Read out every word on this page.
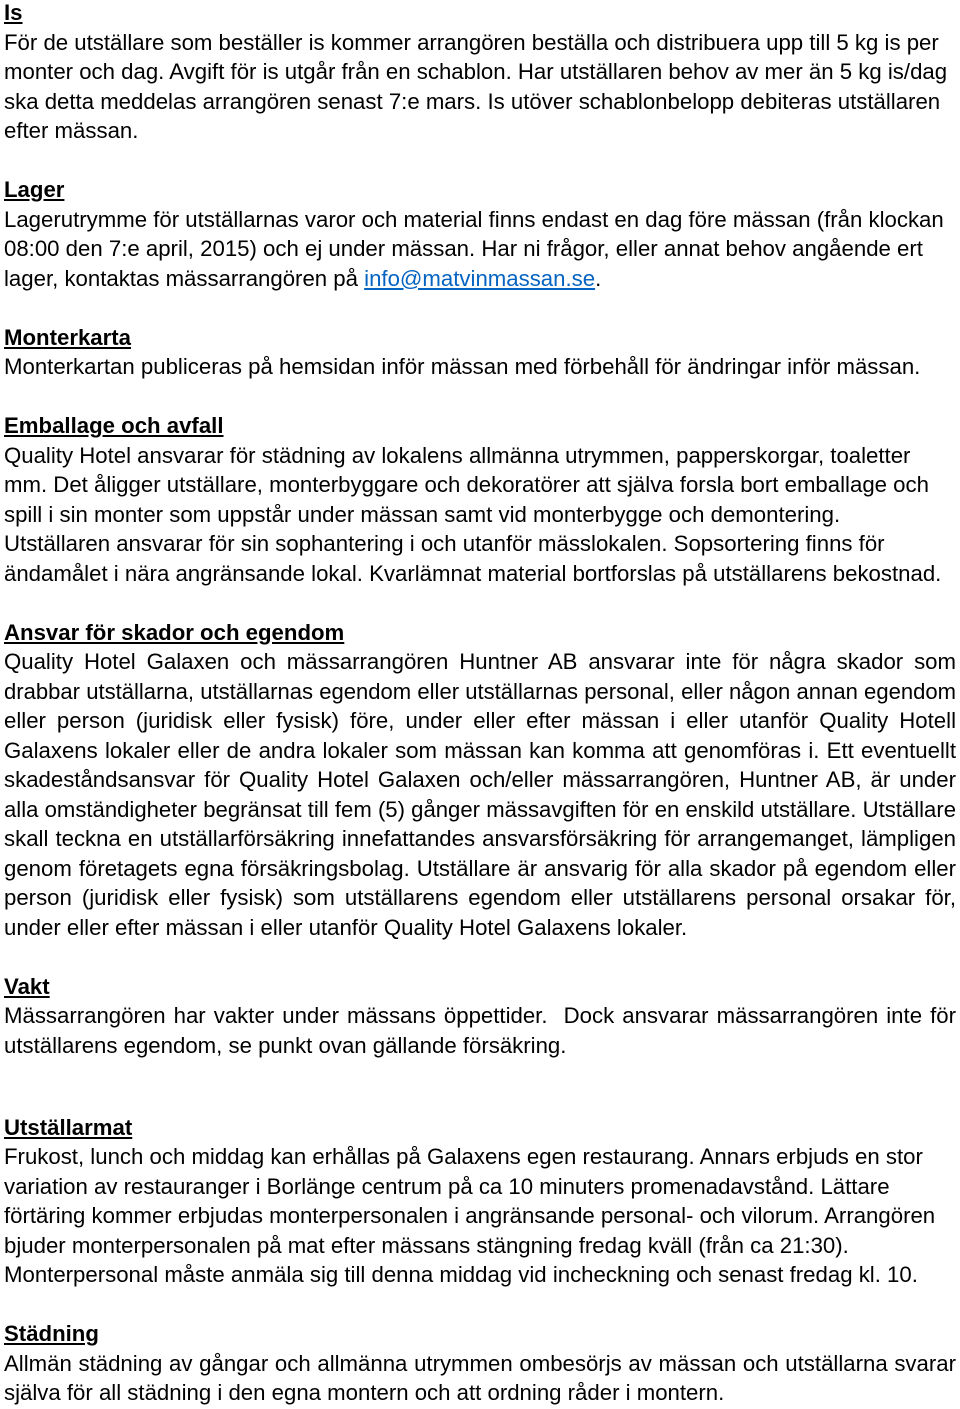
Is
För de utställare som beställer is kommer arrangören beställa och distribuera upp till 5 kg is per
monter och dag. Avgift för is utgår från en schablon. Har utställaren behov av mer än 5 kg is/dag
ska detta meddelas arrangören senast 7:e mars. Is utöver schablonbelopp debiteras utställaren
efter mässan.
Lager
Lagerutrymme för utställarnas varor och material finns endast en dag före mässan (från klockan
08:00 den 7:e april, 2015) och ej under mässan. Har ni frågor, eller annat behov angående ert
lager, kontaktas mässarrangören på info@matvinmassan.se.
Monterkarta
Monterkartan publiceras på hemsidan inför mässan med förbehåll för ändringar inför mässan.
Emballage och avfall
Quality Hotel ansvarar för städning av lokalens allmänna utrymmen, papperskorgar, toaletter
mm. Det åligger utställare, monterbyggare och dekoratörer att själva forsla bort emballage och
spill i sin monter som uppstår under mässan samt vid monterbygge och demontering.
Utställaren ansvarar för sin sophantering i och utanför mässlokalen. Sopsortering finns för
ändamålet i nära angränsande lokal. Kvarlämnat material bortforslas på utställarens bekostnad.
Ansvar för skador och egendom
Quality Hotel Galaxen och mässarrangören Huntner AB ansvarar inte för några skador som
drabbar utställarna, utställarnas egendom eller utställarnas personal, eller någon annan egendom
eller person (juridisk eller fysisk) före, under eller efter mässan i eller utanför Quality Hotell
Galaxens lokaler eller de andra lokaler som mässan kan komma att genomföras i. Ett eventuellt
skadeståndsansvar för Quality Hotel Galaxen och/eller mässarrangören, Huntner AB, är under
alla omständigheter begränsat till fem (5) gånger mässavgiften för en enskild utställare. Utställare
skall teckna en utställarförsäkring innefattandes ansvarsförsäkring för arrangemanget, lämpligen
genom företagets egna försäkringsbolag. Utställare är ansvarig för alla skador på egendom eller
person (juridisk eller fysisk) som utställarens egendom eller utställarens personal orsakar för,
under eller efter mässan i eller utanför Quality Hotel Galaxens lokaler.
Vakt
Mässarrangören har vakter under mässans öppettider.  Dock ansvarar mässarrangören inte för
utställarens egendom, se punkt ovan gällande försäkring.
Utställarmat
Frukost, lunch och middag kan erhållas på Galaxens egen restaurang. Annars erbjuds en stor
variation av restauranger i Borlänge centrum på ca 10 minuters promenadavstånd. Lättare
förtäring kommer erbjudas monterpersonalen i angränsande personal- och vilorum. Arrangören
bjuder monterpersonalen på mat efter mässans stängning fredag kväll (från ca 21:30).
Monterpersonal måste anmäla sig till denna middag vid incheckning och senast fredag kl. 10.
Städning
Allmän städning av gångar och allmänna utrymmen ombesörjs av mässan och utställarna svarar
själva för all städning i den egna montern och att ordning råder i montern.
